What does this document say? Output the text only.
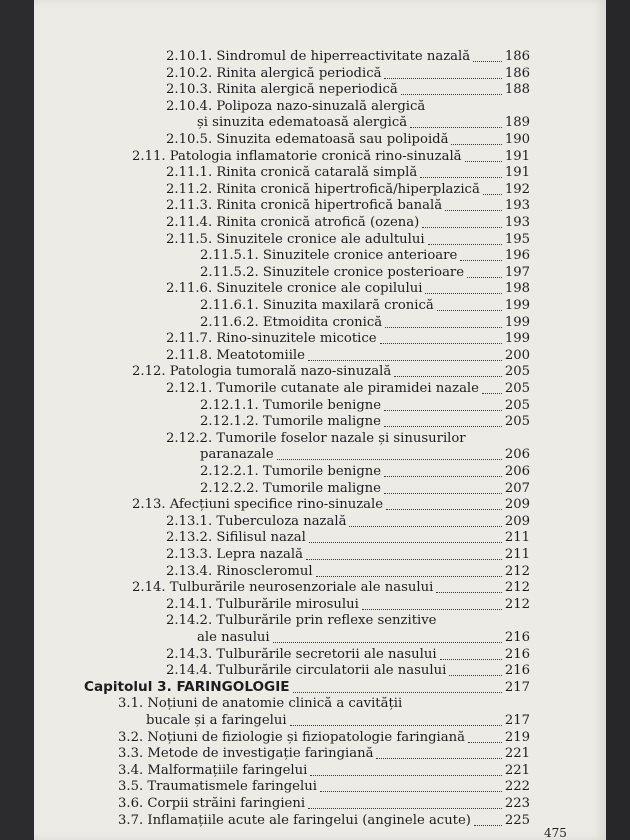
2.10.1. Sindromul de hiperreactivitate nazală	186
2.10.2. Rinita alergică periodică	186
2.10.3. Rinita alergică neperiodică	188
2.10.4. Polipoza nazo-sinuzală alergică
și sinuzita edematoasă alergică	189
2.10.5. Sinuzita edematoasă sau polipoidă	190
2.11. Patologia inflamatorie cronică rino-sinuzală	191
2.11.1. Rinita cronică catarală simplă	191
2.11.2. Rinita cronică hipertrofică/hiperplazică 192
2.11.3. Rinita cronică hipertrofică banală	193
2.11.4. Rinita cronică atrofică (ozena)	193
2.11.5. Sinuzitele cronice ale adultului	195
2.11.5.1. Sinuzitele cronice anterioare	196
2.11.5.2. Sinuzitele cronice posterioare	197
2.11.6. Sinuzitele cronice ale copilului	198
2.11.6.1. Sinuzita maxilară cronică	199
2.11.6.2. Etmoidita cronică	199
2.11.7. Rino-sinuzitele micotice	199
2.11.8. Meatotomiile	200
2.12. Patologia tumorală nazo-sinuzală	205
2.12.1. Tumorile cutanate ale piramidei nazale 205
2.12.1.1. Tumorile benigne	205
2.12.1.2. Tumorile maligne	205
2.12.2. Tumorile foselor nazale și sinusurilor
paranazale	206
2.12.2.1. Tumorile benigne	206
2.12.2.2. Tumorile maligne	207
2.13. Afecțiuni specifice rino-sinuzale	209
2.13.1. Tuberculoza nazală	209
2.13.2. Sifilisul nazal	211
2.13.3. Lepra nazală	211
2.13.4. Rinoscleromul	212
2.14. Tulburările neurosenzoriale ale nasului	212
2.14.1. Tulburările mirosului	212
2.14.2. Tulburările prin reflexe senzitive
ale nasului	216
2.14.3. Tulburările secretorii ale nasului	216
2.14.4. Tulburările circulatorii ale nasului	216
Capitolul 3. FARINGOLOGIE	217
3.1. Noțiuni de anatomie clinică a cavității
bucale și a faringelui	217
3.2. Noțiuni de fiziologie și fiziopatologie faringiană	219
3.3. Metode de investigație faringiană	221
3.4. Malformațiile faringelui	221
3.5. Traumatismele faringelui	222
3.6. Corpii străini faringieni	223
3.7. Inflamațiile acute ale faringelui (anginele acute)	225
475
